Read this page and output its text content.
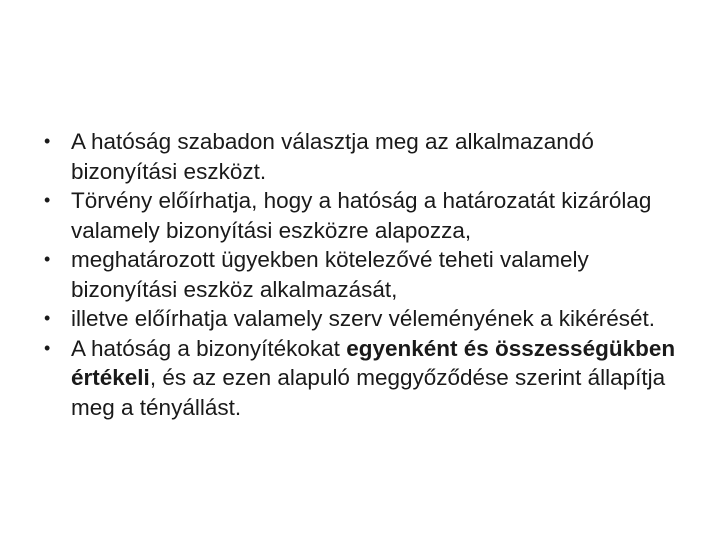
• A hatóság szabadon választja meg az alkalmazandó bizonyítási eszközt.
• Törvény előírhatja, hogy a hatóság a határozatát kizárólag valamely bizonyítási eszközre alapozza,
• meghatározott ügyekben kötelezővé teheti valamely bizonyítási eszköz alkalmazását,
• illetve előírhatja valamely szerv véleményének a kikérését.
• A hatóság a bizonyítékokat egyenként és összességükben értékeli, és az ezen alapuló meggyőződése szerint állapítja meg a tényállást.
